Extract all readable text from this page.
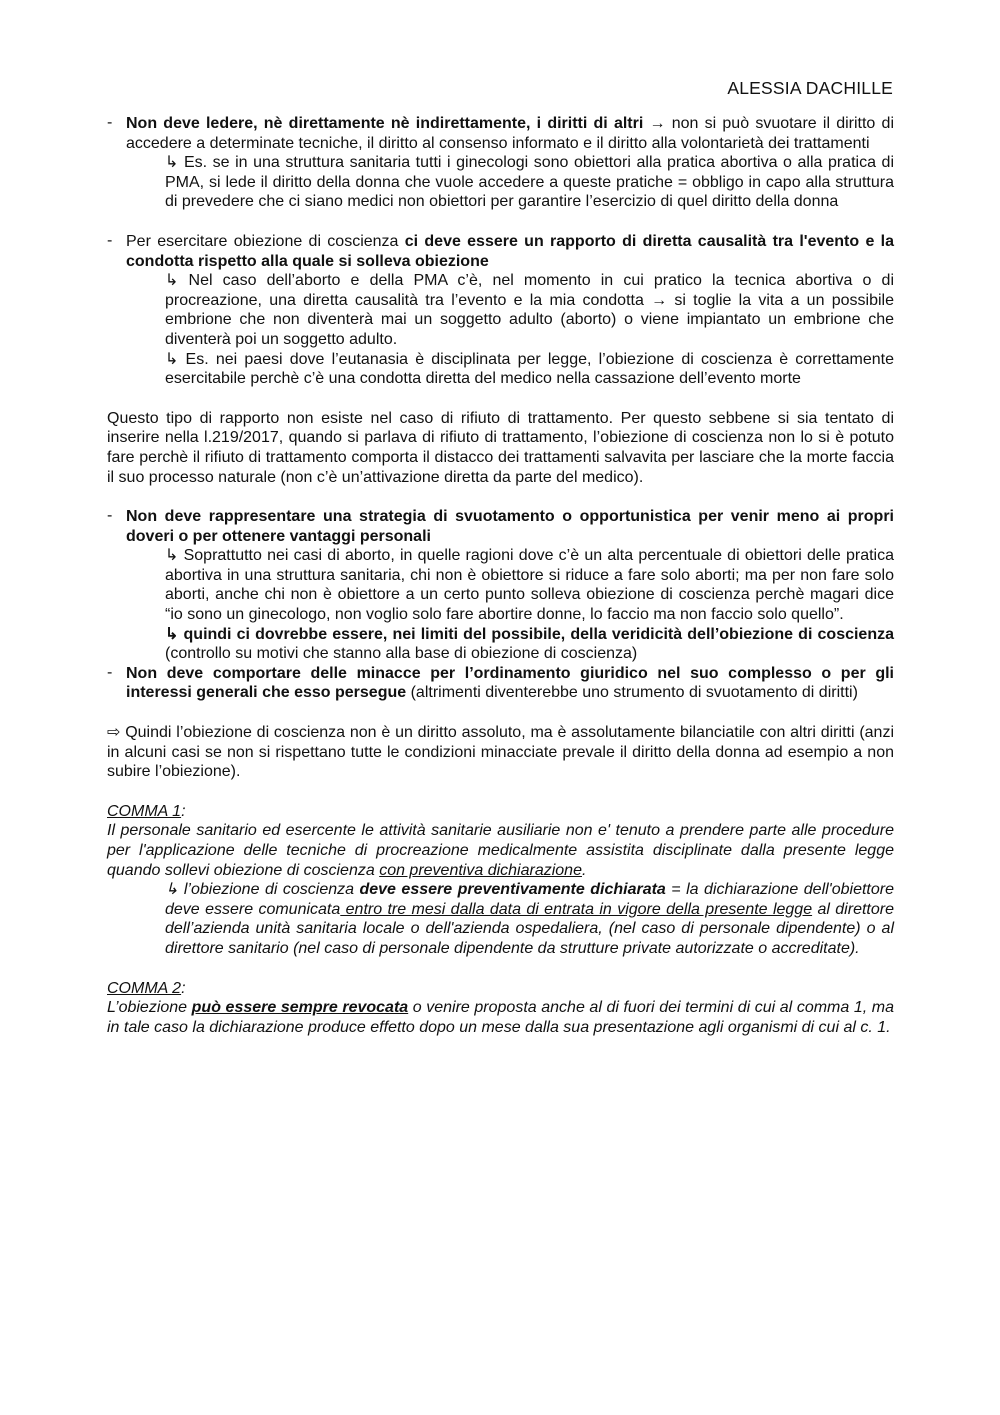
ALESSIA DACHILLE
- Non deve ledere, nè direttamente nè indirettamente, i diritti di altri → non si può svuotare il diritto di accedere a determinate tecniche, il diritto al consenso informato e il diritto alla volontarietà dei trattamenti

↳ Es. se in una struttura sanitaria tutti i ginecologi sono obiettori alla pratica abortiva o alla pratica di PMA, si lede il diritto della donna che vuole accedere a queste pratiche = obbligo in capo alla struttura di prevedere che ci siano medici non obiettori per garantire l’esercizio di quel diritto della donna

- Per esercitare obiezione di coscienza ci deve essere un rapporto di diretta causalità tra l'evento e la condotta rispetto alla quale si solleva obiezione

↳ Nel caso dell’aborto e della PMA c’è, nel momento in cui pratico la tecnica abortiva o di procreazione, una diretta causalità tra l’evento e la mia condotta → si toglie la vita a un possibile embrione che non diventerà mai un soggetto adulto (aborto) o viene impiantato un embrione che diventerà poi un soggetto adulto.

↳ Es. nei paesi dove l’eutanasia è disciplinata per legge, l’obiezione di coscienza è correttamente esercitabile perchè c’è una condotta diretta del medico nella cassazione dell’evento morte

Questo tipo di rapporto non esiste nel caso di rifiuto di trattamento. Per questo sebbene si sia tentato di inserire nella l.219/2017, quando si parlava di rifiuto di trattamento, l’obiezione di coscienza non lo si è potuto fare perchè il rifiuto di trattamento comporta il distacco dei trattamenti salvavita per lasciare che la morte faccia il suo processo naturale (non c’è un’attivazione diretta da parte del medico).

- Non deve rappresentare una strategia di svuotamento o opportunistica per venir meno ai propri doveri o per ottenere vantaggi personali

↳ Soprattutto nei casi di aborto, in quelle ragioni dove c’è un alta percentuale di obiettori delle pratica abortiva in una struttura sanitaria, chi non è obiettore si riduce a fare solo aborti; ma per non fare solo aborti, anche chi non è obiettore a un certo punto solleva obiezione di coscienza perchè magari dice “io sono un ginecologo, non voglio solo fare abortire donne, lo faccio ma non faccio solo quello”.

↳ quindi ci dovrebbe essere, nei limiti del possibile, della veridicità dell’obiezione di coscienza (controllo su motivi che stanno alla base di obiezione di coscienza)

- Non deve comportare delle minacce per l’ordinamento giuridico nel suo complesso o per gli interessi generali che esso persegue (altrimenti diventerebbe uno strumento di svuotamento di diritti)

⇨ Quindi l’obiezione di coscienza non è un diritto assoluto, ma è assolutamente bilanciatile con altri diritti (anzi in alcuni casi se non si rispettano tutte le condizioni minacciate prevale il diritto della donna ad esempio a non subire l’obiezione).

COMMA 1:

Il personale sanitario ed esercente le attività sanitarie ausiliarie non e' tenuto a prendere parte alle procedure per l'applicazione delle tecniche di procreazione medicalmente assistita disciplinate dalla presente legge quando sollevi obiezione di coscienza con preventiva dichiarazione.

↳ l’obiezione di coscienza deve essere preventivamente dichiarata = la dichiarazione dell'obiettore deve essere comunicata entro tre mesi dalla data di entrata in vigore della presente legge al direttore dell’azienda unità sanitaria locale o dell'azienda ospedaliera, (nel caso di personale dipendente) o al direttore sanitario (nel caso di personale dipendente da strutture private autorizzate o accreditate).

COMMA 2:

L’obiezione può essere sempre revocata o venire proposta anche al di fuori dei termini di cui al comma 1, ma in tale caso la dichiarazione produce effetto dopo un mese dalla sua presentazione agli organismi di cui al c. 1.
